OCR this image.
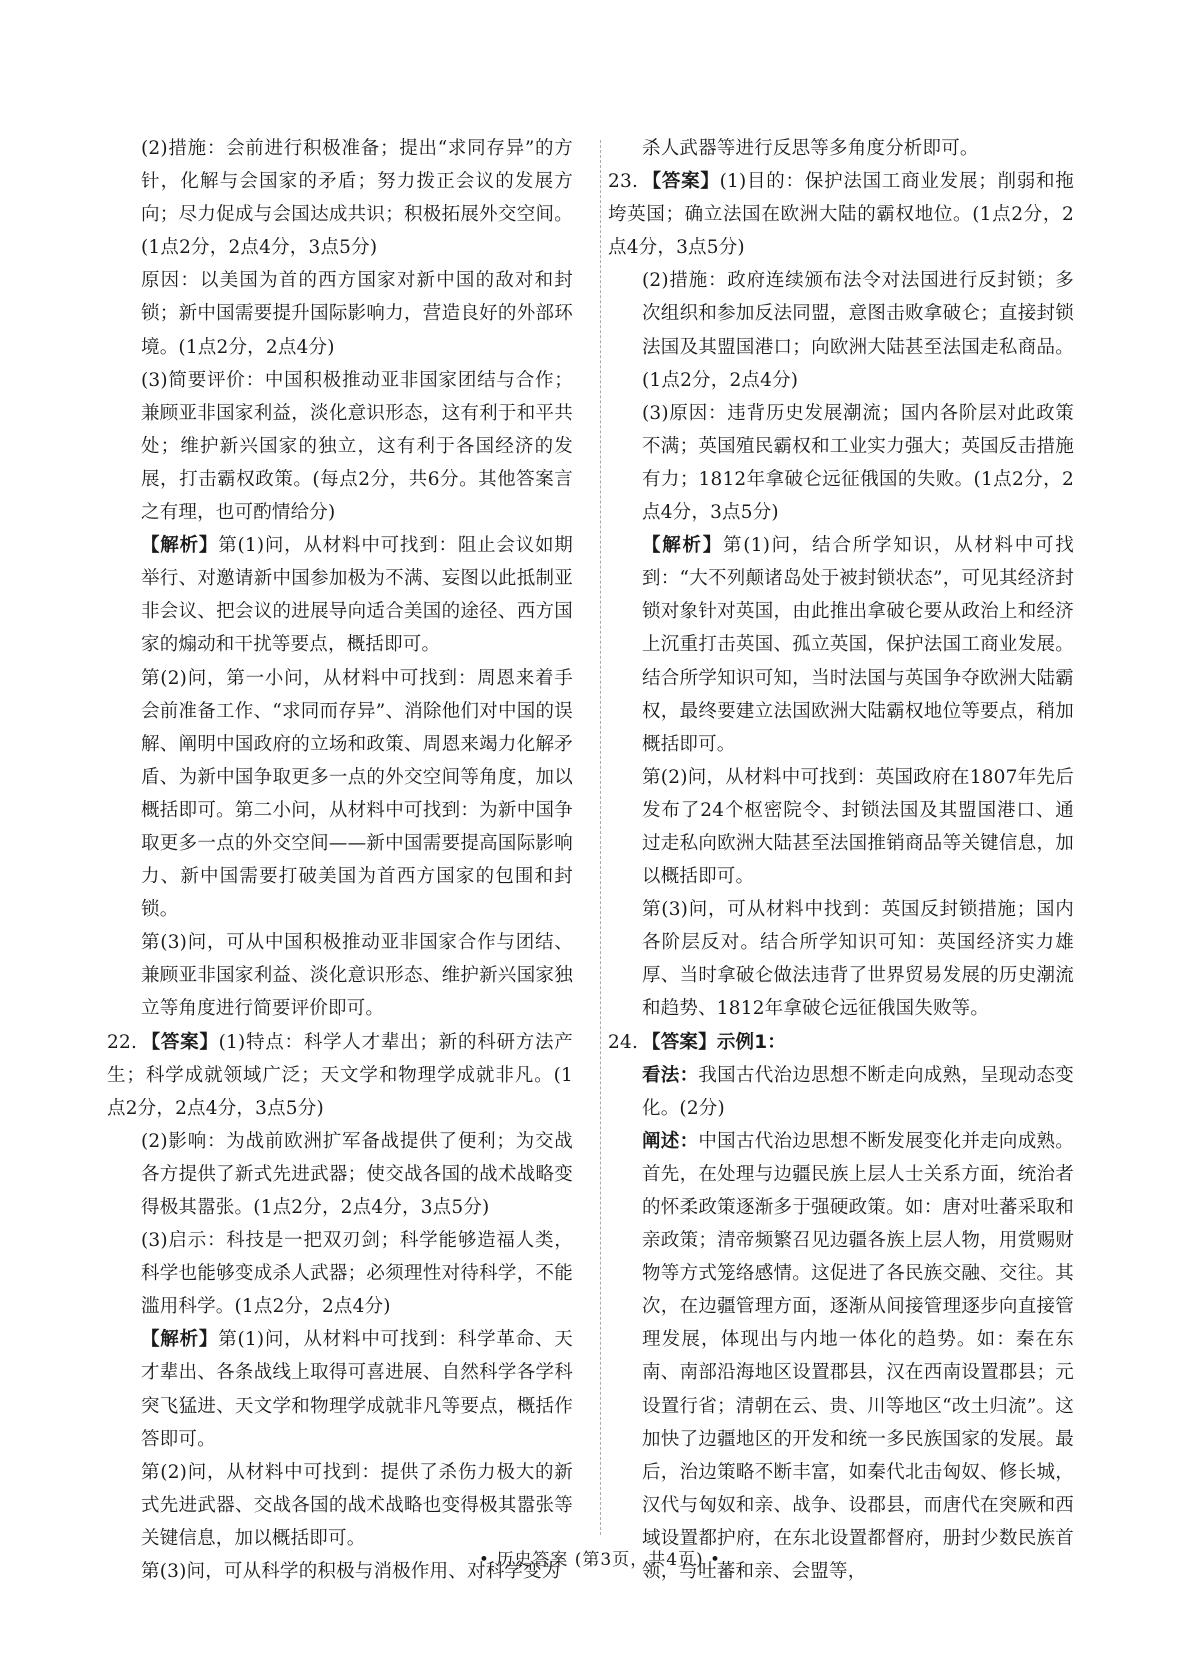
(2)措施：会前进行积极准备；提出“求同存异”的方针，化解与会国家的矛盾；努力拨正会议的发展方向；尽力促成与会国达成共识；积极拓展外交空间。(1点2分，2点4分，3点5分)

原因：以美国为首的西方国家对新中国的敌对和封锁；新中国需要提升国际影响力，营造良好的外部环境。(1点2分，2点4分)

(3)简要评价：中国积极推动亚非国家团结与合作；兼顾亚非国家利益，淡化意识形态，这有利于和平共处；维护新兴国家的独立，这有利于各国经济的发展，打击霸权政策。(每点2分，共6分。其他答案言之有理，也可酌情给分)

【解析】第(1)问，从材料中可找到：阻止会议如期举行、对邀请新中国参加极为不满、妄图以此抵制亚非会议、把会议的进展导向适合美国的途径、西方国家的煽动和干扰等要点，概括即可。

第(2)问，第一小问，从材料中可找到：周恩来着手会前准备工作、“求同而存异”、消除他们对中国的误解、阐明中国政府的立场和政策、周恩来竭力化解矛盾、为新中国争取更多一点的外交空间等角度，加以概括即可。第二小问，从材料中可找到：为新中国争取更多一点的外交空间——新中国需要提高国际影响力、新中国需要打破美国为首西方国家的包围和封锁。

第(3)问，可从中国积极推动亚非国家合作与团结、兼顾亚非国家利益、淡化意识形态、维护新兴国家独立等角度进行简要评价即可。

22. 【答案】(1)特点：科学人才辈出；新的科研方法产生；科学成就领域广泛；天文学和物理学成就非凡。(1点2分，2点4分，3点5分)

(2)影响：为战前欧洲扩军备战提供了便利；为交战各方提供了新式先进武器；使交战各国的战术战略变得极其嚣张。(1点2分，2点4分，3点5分)

(3)启示：科技是一把双刃剑；科学能够造福人类，科学也能够变成杀人武器；必须理性对待科学，不能滥用科学。(1点2分，2点4分)

【解析】第(1)问，从材料中可找到：科学革命、天才辈出、各条战线上取得可喜进展、自然科学各学科突飞猛进、天文学和物理学成就非凡等要点，概括作答即可。

第(2)问，从材料中可找到：提供了杀伤力极大的新式先进武器、交战各国的战术战略也变得极其嚣张等关键信息，加以概括即可。

第(3)问，可从科学的积极与消极作用、对科学变为

杀人武器等进行反思等多角度分析即可。

23. 【答案】(1)目的：保护法国工商业发展；削弱和拖垮英国；确立法国在欧洲大陆的霸权地位。(1点2分，2点4分，3点5分)

(2)措施：政府连续颁布法令对法国进行反封锁；多次组织和参加反法同盟，意图击败拿破仑；直接封锁法国及其盟国港口；向欧洲大陆甚至法国走私商品。(1点2分，2点4分)

(3)原因：违背历史发展潮流；国内各阶层对此政策不满；英国殖民霸权和工业实力强大；英国反击措施有力；1812年拿破仑远征俄国的失败。(1点2分，2点4分，3点5分)

【解析】第(1)问，结合所学知识，从材料中可找到：“大不列颠诸岛处于被封锁状态”，可见其经济封锁对象针对英国，由此推出拿破仑要从政治上和经济上沉重打击英国、孤立英国，保护法国工商业发展。结合所学知识可知，当时法国与英国争夺欧洲大陆霸权，最终要建立法国欧洲大陆霸权地位等要点，稍加概括即可。

第(2)问，从材料中可找到：英国政府在1807年先后发布了24个枢密院令、封锁法国及其盟国港口、通过走私向欧洲大陆甚至法国推销商品等关键信息，加以概括即可。

第(3)问，可从材料中找到：英国反封锁措施；国内各阶层反对。结合所学知识可知：英国经济实力雄厚、当时拿破仑做法违背了世界贸易发展的历史潮流和趋势、1812年拿破仑远征俄国失败等。

24. 【答案】示例1：

看法：我国古代治边思想不断走向成熟，呈现动态变化。(2分)

阐述：中国古代治边思想不断发展变化并走向成熟。首先，在处理与边疆民族上层人士关系方面，统治者的怀柔政策逐渐多于强硬政策。如：唐对吐蕃采取和亲政策；清帝频繁召见边疆各族上层人物，用赏赐财物等方式笼络感情。这促进了各民族交融、交往。其次，在边疆管理方面，逐渐从间接管理逐步向直接管理发展，体现出与内地一体化的趋势。如：秦在东南、南部沿海地区设置郡县，汉在西南设置郡县；元设置行省；清朝在云、贵、川等地区“改土归流”。这加快了边疆地区的开发和统一多民族国家的发展。最后，治边策略不断丰富，如秦代北击匈奴、修长城，汉代与匈奴和亲、战争、设郡县，而唐代在突厥和西域设置都护府，在东北设置都督府，册封少数民族首领，与吐蕃和亲、会盟等，

• 历史答案 (第3页，共4页) •
